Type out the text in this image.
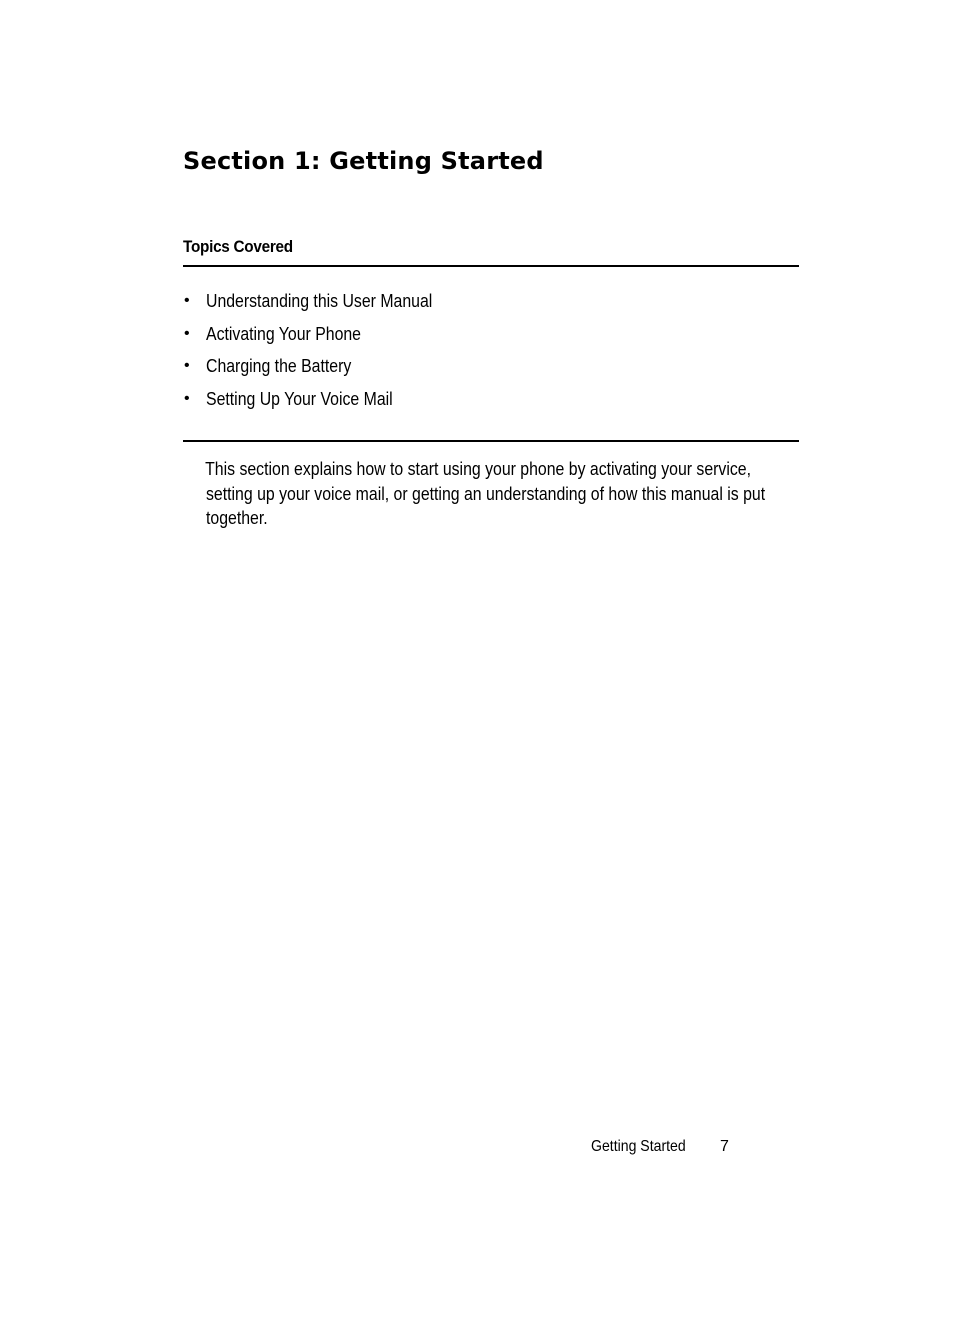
Section 1: Getting Started
Topics Covered
• Understanding this User Manual
• Activating Your Phone
• Charging the Battery
• Setting Up Your Voice Mail

This section explains how to start using your phone by activating your service, setting up your voice mail, or getting an understanding of how this manual is put together.

Getting Started 7
